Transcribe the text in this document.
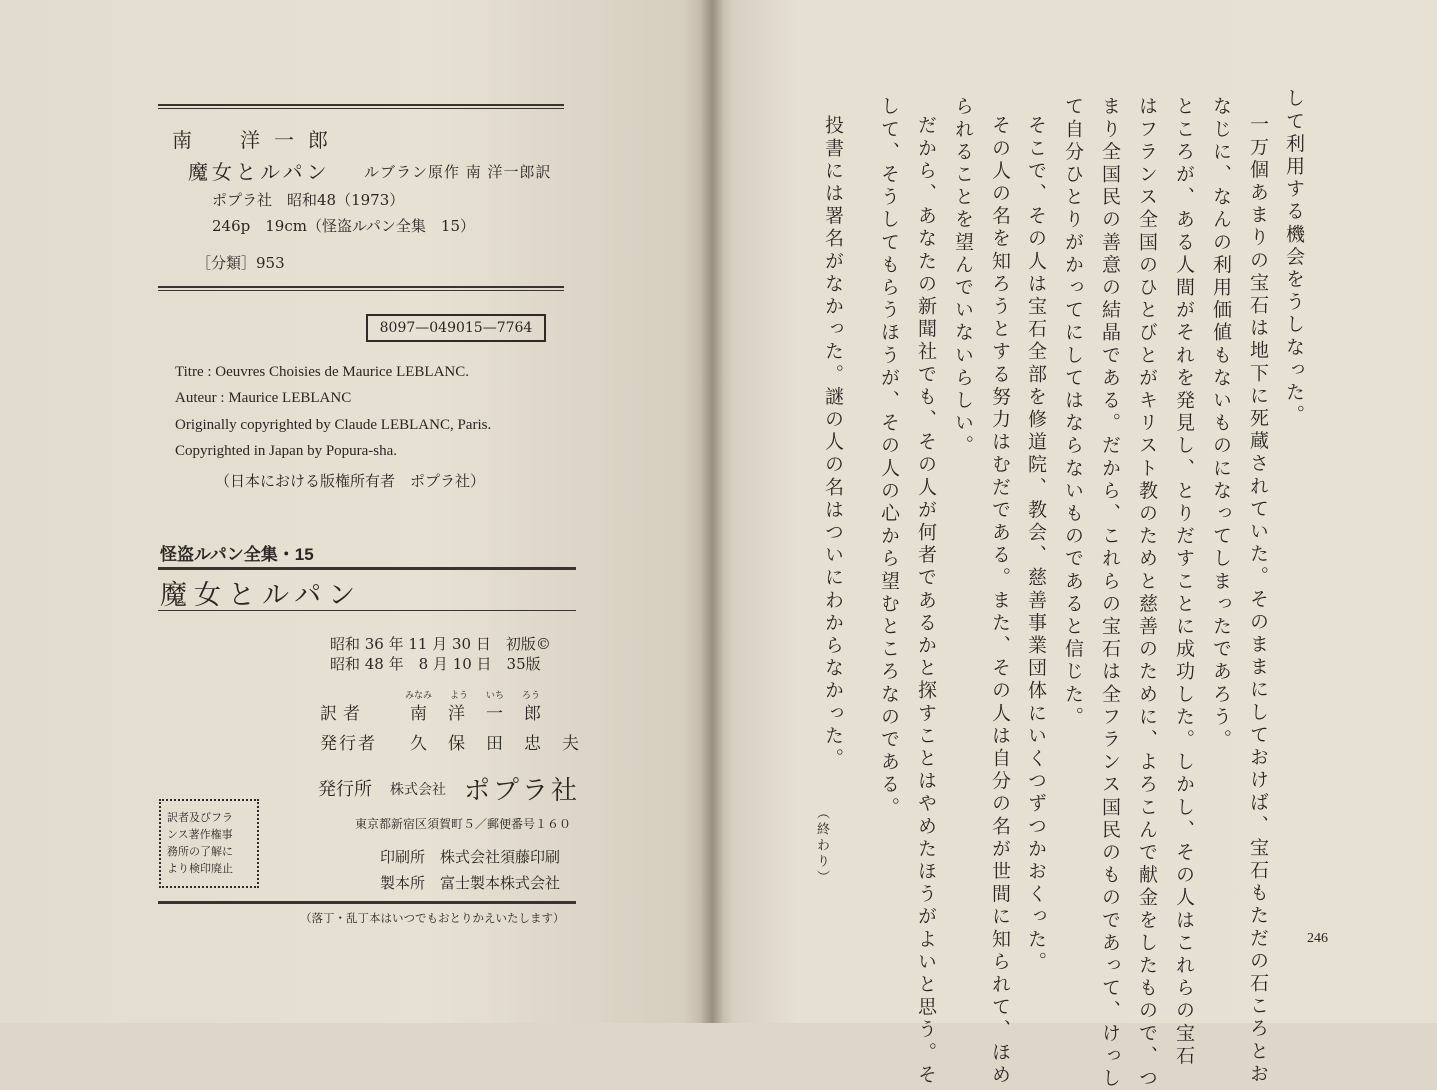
南　洋一郎
魔女とルパン ルブラン原作 南 洋一郎訳
ポプラ社　昭和48（1973）
246p　19cm（怪盗ルパン全集　15）
［分類］953
8097—049015—7764
Titre : Oeuvres Choisies de Maurice LEBLANC.
Auteur : Maurice LEBLANC
Originally copyrighted by Claude LEBLANC, Paris.
Copyrighted in Japan by Popura-sha.
（日本における版権所有者　ポプラ社）
怪盗ルパン全集・15
魔女とルパン
昭和 36 年 11 月 30 日　初版©
昭和 48 年　8 月 10 日　35版
みなみ　　よう　　いち　　ろう
訳者	南　洋　一　郎
発行者 久　保　田　忠　夫
発行所 株式会社 ポプラ社
東京都新宿区須賀町５／郵便番号１６０
印刷所　株式会社須藤印刷
製本所　富士製本株式会社
訳者及びフラ
ンス著作権事
務所の了解に
より検印廃止
（落丁・乱丁本はいつでもおとりかえいたします）
して利用する機会をうしなった。
一万個あまりの宝石は地下に死蔵されていた。そのままにしておけば、宝石もただの石ころとお
なじに、なんの利用価値もないものになってしまったであろう。
ところが、ある人間がそれを発見し、とりだすことに成功した。しかし、その人はこれらの宝石
はフランス全国のひとびとがキリスト教のためと慈善のために、よろこんで献金をしたもので、つ
まり全国民の善意の結晶である。だから、これらの宝石は全フランス国民のものであって、けっし
て自分ひとりがかってにしてはならないものであると信じた。
そこで、その人は宝石全部を修道院、教会、慈善事業団体にいくつずつかおくった。
その人の名を知ろうとする努力はむだである。また、その人は自分の名が世間に知られて、ほめ
られることを望んでいないらしい。
だから、あなたの新聞社でも、その人が何者であるかと探すことはやめたほうがよいと思う。そ
して、そうしてもらうほうが、その人の心から望むところなのである。
投書には署名がなかった。謎の人の名はついにわからなかった。
（終わり）
246
